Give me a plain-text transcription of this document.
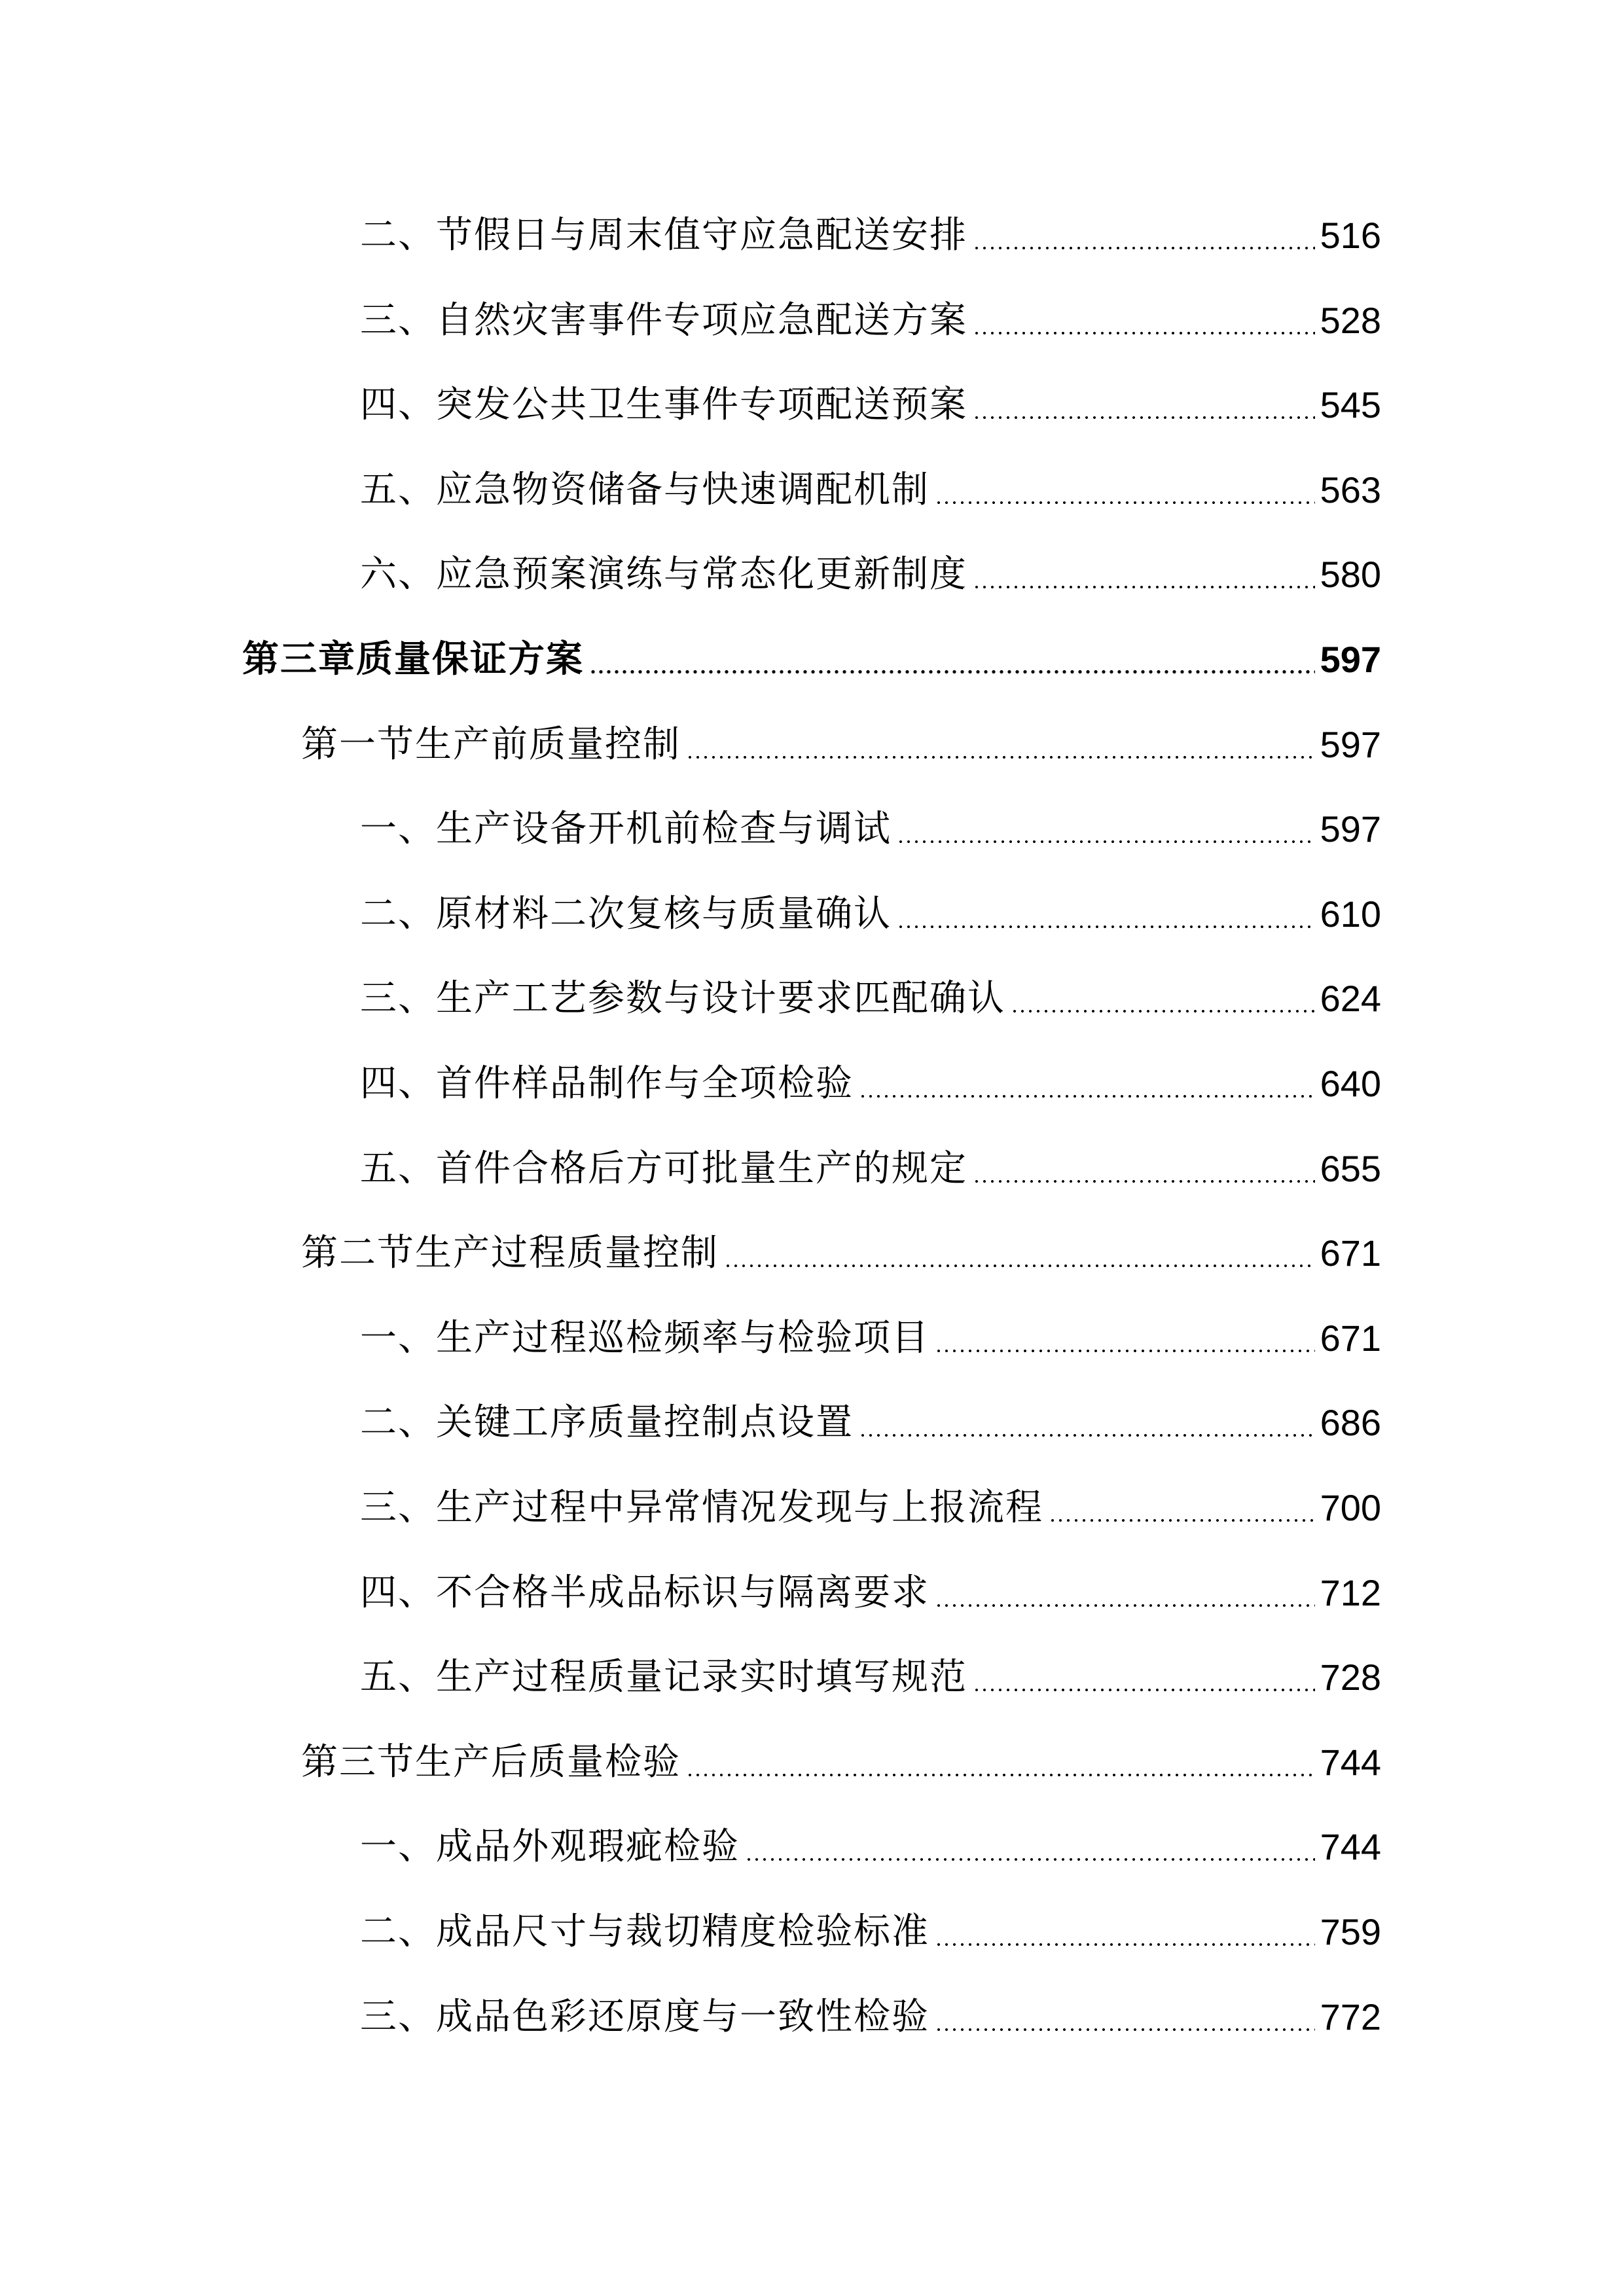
二、节假日与周末值守应急配送安排	516
三、自然灾害事件专项应急配送方案	528
四、突发公共卫生事件专项配送预案	545
五、应急物资储备与快速调配机制	563
六、应急预案演练与常态化更新制度	580
第三章质量保证方案	597
第一节生产前质量控制	597
一、生产设备开机前检查与调试	597
二、原材料二次复核与质量确认	610
三、生产工艺参数与设计要求匹配确认	624
四、首件样品制作与全项检验	640
五、首件合格后方可批量生产的规定	655
第二节生产过程质量控制	671
一、生产过程巡检频率与检验项目	671
二、关键工序质量控制点设置	686
三、生产过程中异常情况发现与上报流程	700
四、不合格半成品标识与隔离要求	712
五、生产过程质量记录实时填写规范	728
第三节生产后质量检验	744
一、成品外观瑕疵检验	744
二、成品尺寸与裁切精度检验标准	759
三、成品色彩还原度与一致性检验	772
